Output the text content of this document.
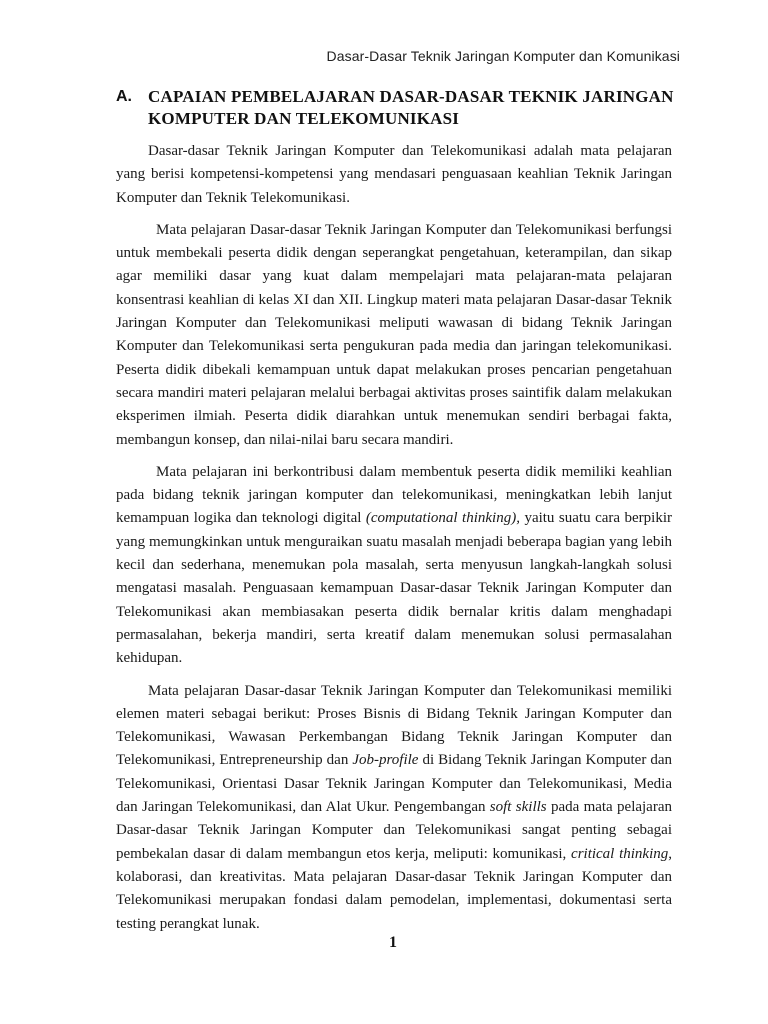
Dasar-Dasar Teknik Jaringan Komputer dan Komunikasi
A. CAPAIAN PEMBELAJARAN DASAR-DASAR TEKNIK JARINGAN
KOMPUTER DAN TELEKOMUNIKASI

Dasar-dasar Teknik Jaringan Komputer dan Telekomunikasi adalah mata pelajaran yang berisi kompetensi-kompetensi yang mendasari penguasaan keahlian Teknik Jaringan Komputer dan Teknik Telekomunikasi.

Mata pelajaran Dasar-dasar Teknik Jaringan Komputer dan Telekomunikasi berfungsi untuk membekali peserta didik dengan seperangkat pengetahuan, keterampilan, dan sikap agar memiliki dasar yang kuat dalam mempelajari mata pelajaran-mata pelajaran konsentrasi keahlian di kelas XI dan XII. Lingkup materi mata pelajaran Dasar-dasar Teknik Jaringan Komputer dan Telekomunikasi meliputi wawasan di bidang Teknik Jaringan Komputer dan Telekomunikasi serta pengukuran pada media dan jaringan telekomunikasi. Peserta didik dibekali kemampuan untuk dapat melakukan proses pencarian pengetahuan secara mandiri materi pelajaran melalui berbagai aktivitas proses saintifik dalam melakukan eksperimen ilmiah. Peserta didik diarahkan untuk menemukan sendiri berbagai fakta, membangun konsep, dan nilai-nilai baru secara mandiri.

Mata pelajaran ini berkontribusi dalam membentuk peserta didik memiliki keahlian pada bidang teknik jaringan komputer dan telekomunikasi, meningkatkan lebih lanjut kemampuan logika dan teknologi digital (computational thinking), yaitu suatu cara berpikir yang memungkinkan untuk menguraikan suatu masalah menjadi beberapa bagian yang lebih kecil dan sederhana, menemukan pola masalah, serta menyusun langkah-langkah solusi mengatasi masalah. Penguasaan kemampuan Dasar-dasar Teknik Jaringan Komputer dan Telekomunikasi akan membiasakan peserta didik bernalar kritis dalam menghadapi permasalahan, bekerja mandiri, serta kreatif dalam menemukan solusi permasalahan kehidupan.

Mata pelajaran Dasar-dasar Teknik Jaringan Komputer dan Telekomunikasi memiliki elemen materi sebagai berikut: Proses Bisnis di Bidang Teknik Jaringan Komputer dan Telekomunikasi, Wawasan Perkembangan Bidang Teknik Jaringan Komputer dan Telekomunikasi, Entrepreneurship dan Job-profile di Bidang Teknik Jaringan Komputer dan Telekomunikasi, Orientasi Dasar Teknik Jaringan Komputer dan Telekomunikasi, Media dan Jaringan Telekomunikasi, dan Alat Ukur. Pengembangan soft skills pada mata pelajaran Dasar-dasar Teknik Jaringan Komputer dan Telekomunikasi sangat penting sebagai pembekalan dasar di dalam membangun etos kerja, meliputi: komunikasi, critical thinking, kolaborasi, dan kreativitas. Mata pelajaran Dasar-dasar Teknik Jaringan Komputer dan Telekomunikasi merupakan fondasi dalam pemodelan, implementasi, dokumentasi serta testing perangkat lunak.

1
